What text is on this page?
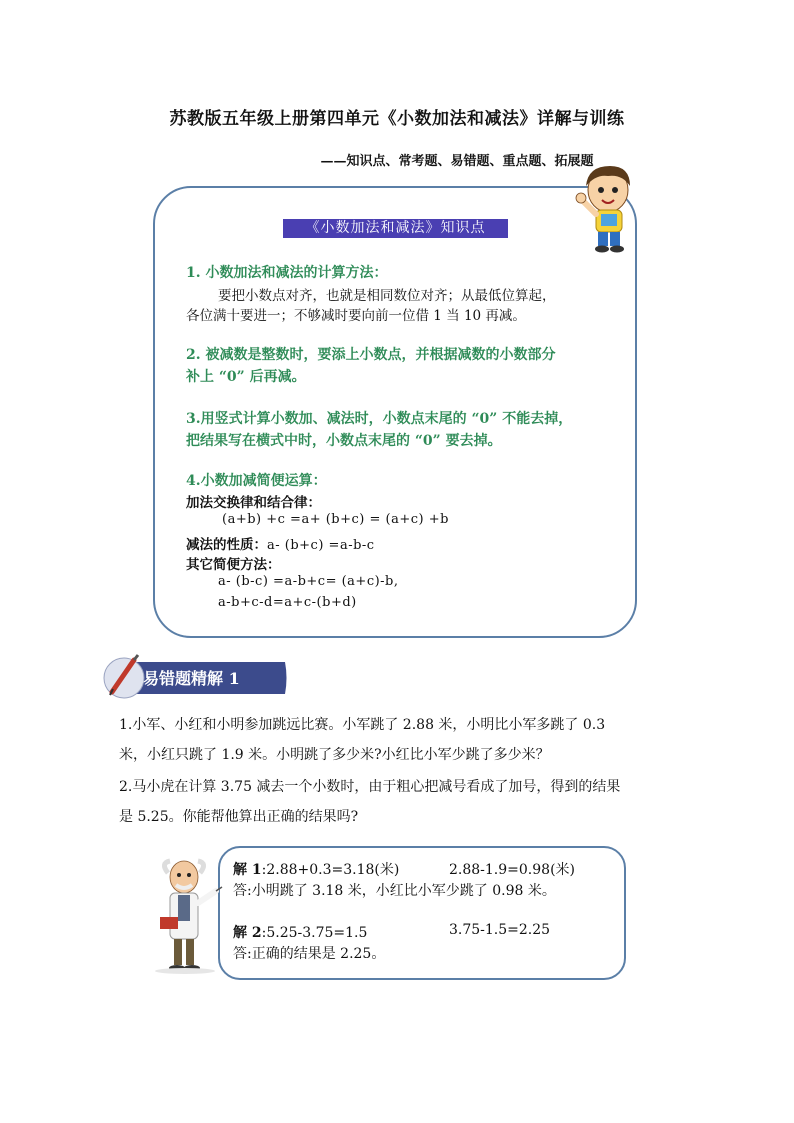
苏教版五年级上册第四单元《小数加法和减法》详解与训练
——知识点、常考题、易错题、重点题、拓展题
《小数加法和减法》知识点
1. 小数加法和减法的计算方法：
要把小数点对齐，也就是相同数位对齐；从最低位算起，
各位满十要进一；不够减时要向前一位借 1 当 10 再减。
2. 被减数是整数时，要添上小数点，并根据减数的小数部分
补上 “0” 后再减。
3.用竖式计算小数加、减法时，小数点末尾的 “0” 不能去掉，
把结果写在横式中时，小数点末尾的 “0” 要去掉。
4.小数加减简便运算：
加法交换律和结合律：
(a+b) +c =a+ (b+c) = (a+c) +b
减法的性质：a- (b+c) =a-b-c
其它简便方法：
a- (b-c) =a-b+c= (a+c)-b,
a-b+c-d=a+c-(b+d)
易错题精解 1
1.小军、小红和小明参加跳远比赛。小军跳了 2.88 米，小明比小军多跳了 0.3
米，小红只跳了 1.9 米。小明跳了多少米?小红比小军少跳了多少米？
2.马小虎在计算 3.75 减去一个小数时，由于粗心把减号看成了加号，得到的结果
是 5.25。你能帮他算出正确的结果吗?
解 1:2.88+0.3=3.18(米)	2.88-1.9=0.98(米)
答:小明跳了 3.18 米，小红比小军少跳了 0.98 米。
解 2:5.25-3.75=1.5	3.75-1.5=2.25
答:正确的结果是 2.25。
